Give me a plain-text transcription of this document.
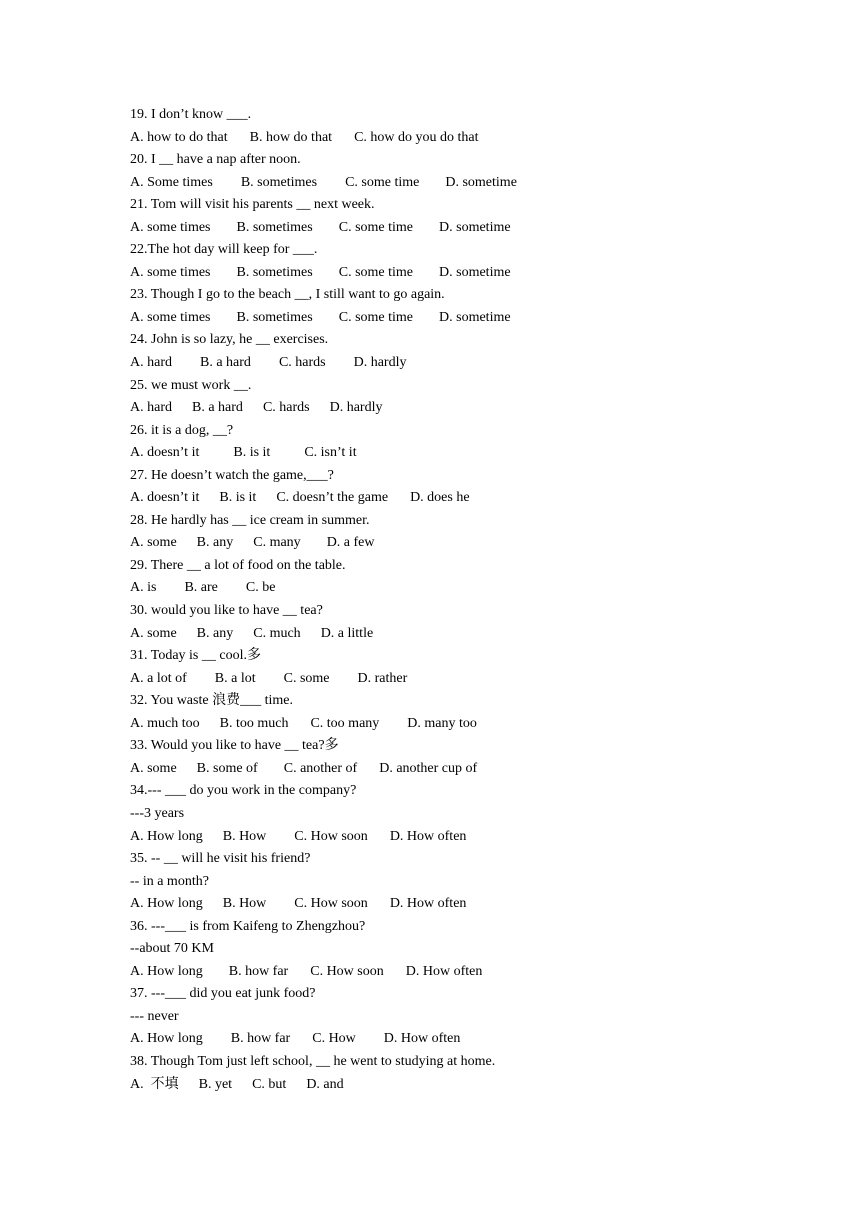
19. I don’t know ___.
A. how to do that B. how do that C. how do you do that
20. I __ have a nap after noon.
A. Some times B. sometimes C. some time D. sometime
21. Tom will visit his parents __ next week.
A. some times B. sometimes C. some time D. sometime
22.The hot day will keep for ___.
A. some times B. sometimes C. some time D. sometime
23. Though I go to the beach __, I still want to go again.
A. some times B. sometimes C. some time D. sometime
24. John is so lazy, he __ exercises.
A. hard B. a hard C. hards D. hardly
25. we must work __.
A. hard B. a hard C. hards D. hardly
26. it is a dog, __?
A. doesn’t it B. is it C. isn’t it
27. He doesn’t watch the game,___?
A. doesn’t it B. is it C. doesn’t the game D. does he
28. He hardly has __ ice cream in summer.
A. some B. any C. many D. a few
29. There __ a lot of food on the table.
A. is B. are C. be
30. would you like to have __ tea?
A. some B. any C. much D. a little
31. Today is __ cool.多
A. a lot of B. a lot C. some D. rather
32. You waste 浪费___ time.
A. much too B. too much C. too many D. many too
33. Would you like to have __ tea?多
A. some B. some of C. another of D. another cup of
34.--- ___ do you work in the company?
---3 years
A. How long B. How C. How soon D. How often
35. -- __ will he visit his friend?
-- in a month?
A. How long B. How C. How soon D. How often
36. ---___ is from Kaifeng to Zhengzhou?
--about 70 KM
A. How long B. how far C. How soon D. How often
37. ---___ did you eat junk food?
--- never
A. How long B. how far C. How D. How often
38. Though Tom just left school, __ he went to studying at home.
A.  不填 B. yet C. but D. and
